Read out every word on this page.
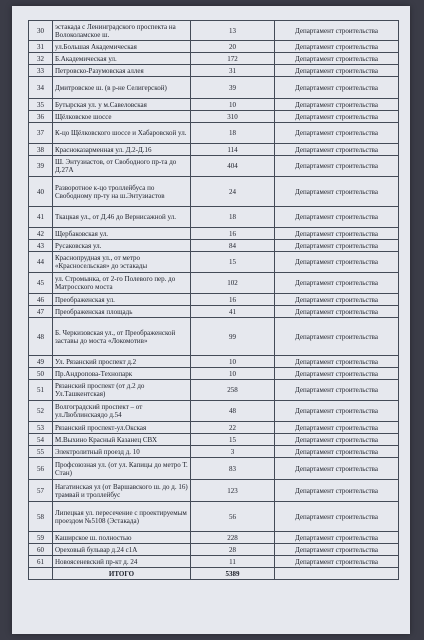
30	эстакада с Ленинградского проспекта на Волоколамское ш.	13	Департамент строительства
31	ул.Большая Академическая	20	Департамент строительства
32	Б.Академическая ул.	172	Департамент строительства
33	Петровско-Разумовская аллея	31	Департамент строительства
34	Дмитровское ш. (в р-не Селигерской)	39	Департамент строительства
35	Бутырская ул. у м.Савеловская	10	Департамент строительства
36	Щёлковское шоссе	310	Департамент строительства
37	К-цо Щёлковского шоссе и Хабаровской ул.	18	Департамент строительства
38	Красноказарменная ул. Д.2-Д.16	114	Департамент строительства
39	Ш. Энтузиастов, от Свободного пр-та до Д.27А	404	Департамент строительства
40	Разворотное к-цо троллейбуса по Свободному пр-ту на ш.Энтузиастов	24	Департамент строительства
41	Ткацкая ул., от Д.46 до Вернисажной ул.	18	Департамент строительства
42	Щербаковская ул.	16	Департамент строительства
43	Русаковская ул.	84	Департамент строительства
44	Краснопрудная ул., от метро «Красносельская» до эстакады	15	Департамент строительства
45	ул. Стромынка, от 2-го Полевого пер. до Матросского моста	102	Департамент строительства
46	Преображенская ул.	16	Департамент строительства
47	Преображенская площадь	41	Департамент строительства
48	Б. Черкизовская ул., от Преображенской заставы до моста «Локомотив»	99	Департамент строительства
49	Ул. Рязанский проспект д.2	10	Департамент строительства
50	Пр.Андропова-Технопарк	10	Департамент строительства
51	Рязанский проспект (от д.2 до Ул.Ташкентская)	258	Департамент строительства
52	Волгоградский проспект – от ул.Люблинскаядо д.54	48	Департамент строительства
53	Рязанский проспект-ул.Окская	22	Департамент строительства
54	М.Выхино Красный Казанец СВХ	15	Департамент строительства
55	Электролитный проезд д. 10	3	Департамент строительства
56	Профсоюзная ул. (от ул. Капицы до метро Т. Стан)	83	Департамент строительства
57	Нагатинская ул (от Варшавского ш. до д. 16) трамвай и троллейбус	123	Департамент строительства
58	Липецкая ул. пересечение с проектируемым проездом №5108 (Эстакада)	56	Департамент строительства
59	Каширское ш. полностью	228	Департамент строительства
60	Ореховый бульвар д.24 с1А	28	Департамент строительства
61	Новоясеневский пр-кт д. 24	11	Департамент строительства
	ИТОГО	5389	
